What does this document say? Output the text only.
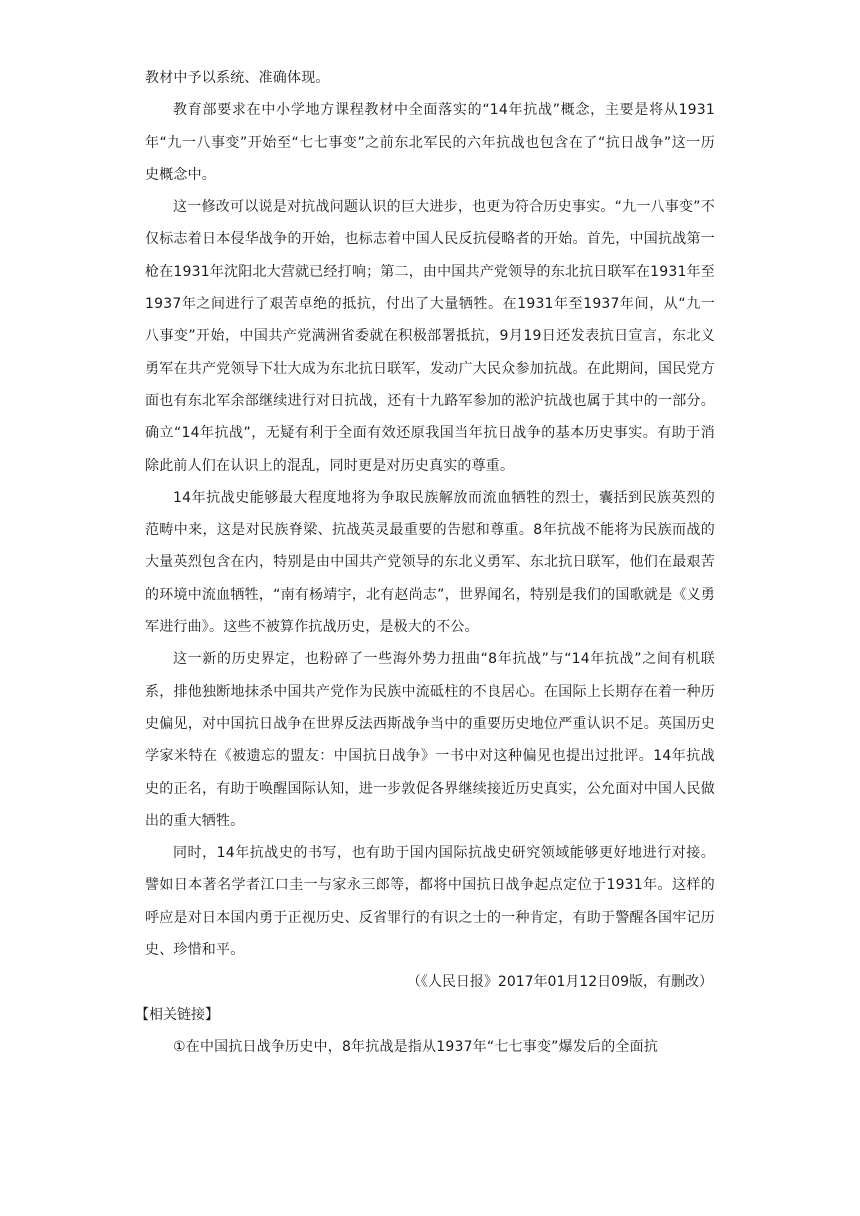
教材中予以系统、准确体现。

教育部要求在中小学地方课程教材中全面落实的“14年抗战”概念，主要是将从1931年“九一八事变”开始至“七七事变”之前东北军民的六年抗战也包含在了“抗日战争”这一历史概念中。

这一修改可以说是对抗战问题认识的巨大进步，也更为符合历史事实。“九一八事变”不仅标志着日本侵华战争的开始，也标志着中国人民反抗侵略者的开始。首先，中国抗战第一枪在1931年沈阳北大营就已经打响；第二，由中国共产党领导的东北抗日联军在1931年至1937年之间进行了艰苦卓绝的抵抗，付出了大量牺牲。在1931年至1937年间，从“九一八事变”开始，中国共产党满洲省委就在积极部署抵抗，9月19日还发表抗日宣言，东北义勇军在共产党领导下壮大成为东北抗日联军，发动广大民众参加抗战。在此期间，国民党方面也有东北军余部继续进行对日抗战，还有十九路军参加的淞沪抗战也属于其中的一部分。确立“14年抗战”，无疑有利于全面有效还原我国当年抗日战争的基本历史事实。有助于消除此前人们在认识上的混乱，同时更是对历史真实的尊重。

14年抗战史能够最大程度地将为争取民族解放而流血牺牲的烈士，囊括到民族英烈的范畴中来，这是对民族脊梁、抗战英灵最重要的告慰和尊重。8年抗战不能将为民族而战的大量英烈包含在内，特别是由中国共产党领导的东北义勇军、东北抗日联军，他们在最艰苦的环境中流血牺牲，“南有杨靖宇，北有赵尚志”，世界闻名，特别是我们的国歌就是《义勇军进行曲》。这些不被算作抗战历史，是极大的不公。

这一新的历史界定，也粉碎了一些海外势力扭曲“8年抗战”与“14年抗战”之间有机联系，排他独断地抹杀中国共产党作为民族中流砥柱的不良居心。在国际上长期存在着一种历史偏见，对中国抗日战争在世界反法西斯战争当中的重要历史地位严重认识不足。英国历史学家米特在《被遗忘的盟友：中国抗日战争》一书中对这种偏见也提出过批评。14年抗战史的正名，有助于唤醒国际认知，进一步敦促各界继续接近历史真实，公允面对中国人民做出的重大牺牲。

同时，14年抗战史的书写，也有助于国内国际抗战史研究领域能够更好地进行对接。譬如日本著名学者江口圭一与家永三郎等，都将中国抗日战争起点定位于1931年。这样的呼应是对日本国内勇于正视历史、反省罪行的有识之士的一种肯定，有助于警醒各国牢记历史、珍惜和平。

（《人民日报》2017年01月12日09版，有删改）

【相关链接】

①在中国抗日战争历史中，8年抗战是指从1937年“七七事变”爆发后的全面抗
